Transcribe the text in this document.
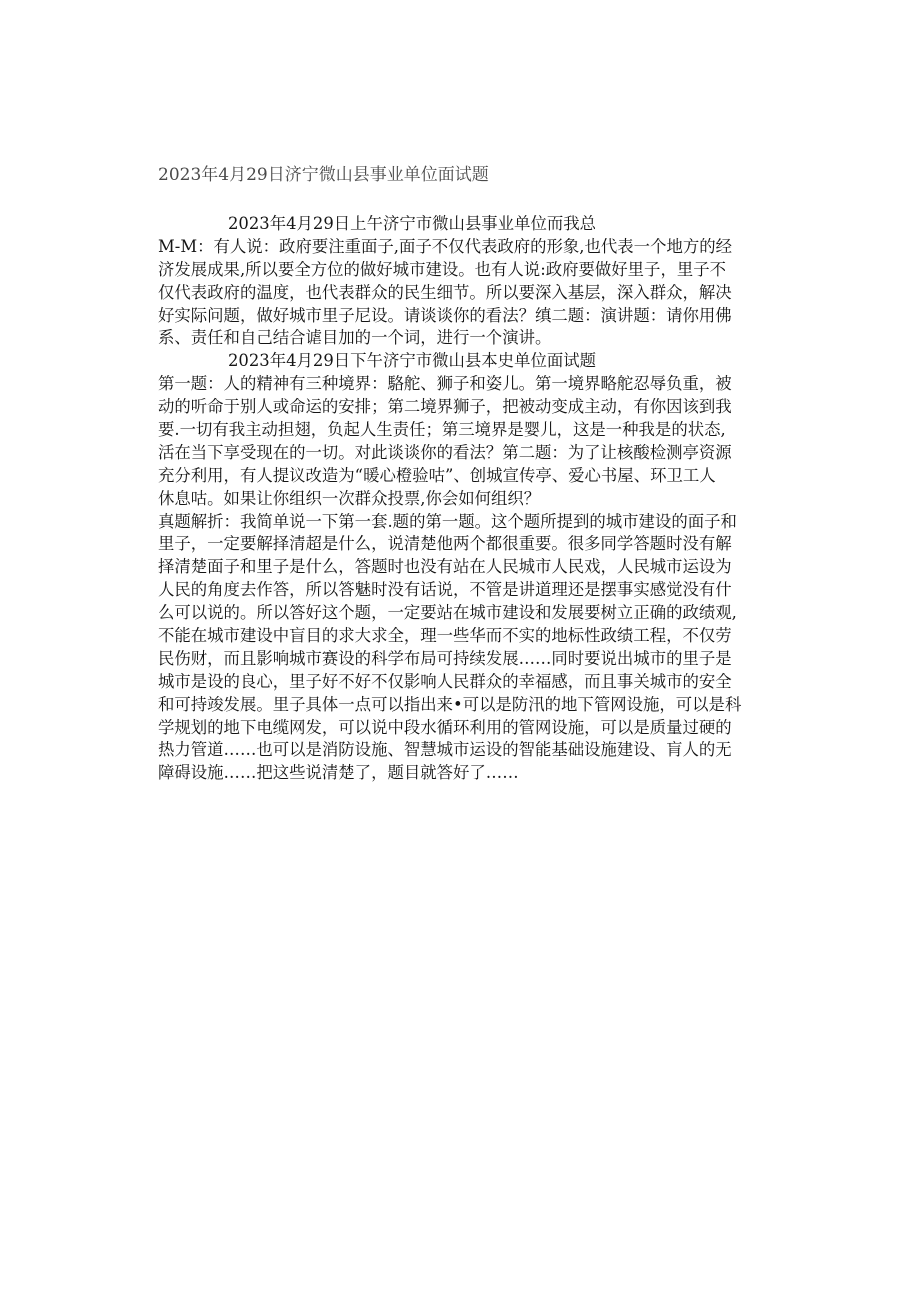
2023年4月29日济宁微山县事业单位面试题
2023年4月29日上午济宁市微山县事业单位而我总
M-M：有人说：政府要注重面子,面子不仅代表政府的形象,也代表一个地方的经
济发展成果,所以要全方位的做好城市建设。也有人说:政府要做好里子，里子不
仅代表政府的温度，也代表群众的民生细节。所以要深入基层，深入群众，解决
好实际问题，做好城市里子尼设。请谈谈你的看法？缜二题：演讲题：请你用佛
系、责任和自己结合谑目加的一个词，进行一个演讲。
2023年4月29日下午济宁市微山县本史单位面试题
第一题：人的精神有三种境界：駱舵、狮子和姿儿。第一境界略舵忍辱负重，被
动的听命于别人或命运的安排；第二境界狮子，把被动变成主动，有你因该到我
要.一切有我主动担翅，负起人生责任；第三境界是婴儿，这是一种我是的状态,
活在当下享受现在的一切。对此谈谈你的看法？第二题：为了让核酸检测亭资源
充分利用，有人提议改造为“暖心橙验咕”、创城宣传亭、爱心书屋、环卫工人
休息咕。如果让你组织一次群众投票,你会如何组织？
真题解折：我简单说一下第一套.题的第一题。这个题所提到的城市建设的面子和
里子，一定要解择清超是什么，说清楚他两个都很重要。很多同学答题时没有解
择清楚面子和里子是什么，答题时也没有站在人民城市人民戏，人民城市运设为
人民的角度去作答，所以答魅时没有话说，不管是讲道理还是摆事实感觉没有什
么可以说的。所以答好这个题，一定要站在城市建设和发展要树立正确的政绩观,
不能在城市建设中盲目的求大求全，理一些华而不实的地标性政绩工程，不仅劳
民伤财，而且影响城市赛设的科学布局可持续发展……同时要说出城市的里子是
城市是设的良心，里子好不好不仅影响人民群众的幸福感，而且事关城市的安全
和可持竣发展。里子具体一点可以指出来•可以是防汛的地下管网设施，可以是科
学规划的地下电缆网发，可以说中段水循环利用的管网设施，可以是质量过硬的
热力管道……也可以是消防设施、智慧城市运设的智能基础设施建设、肓人的无
障碍设施……把这些说清楚了，题目就答好了……
